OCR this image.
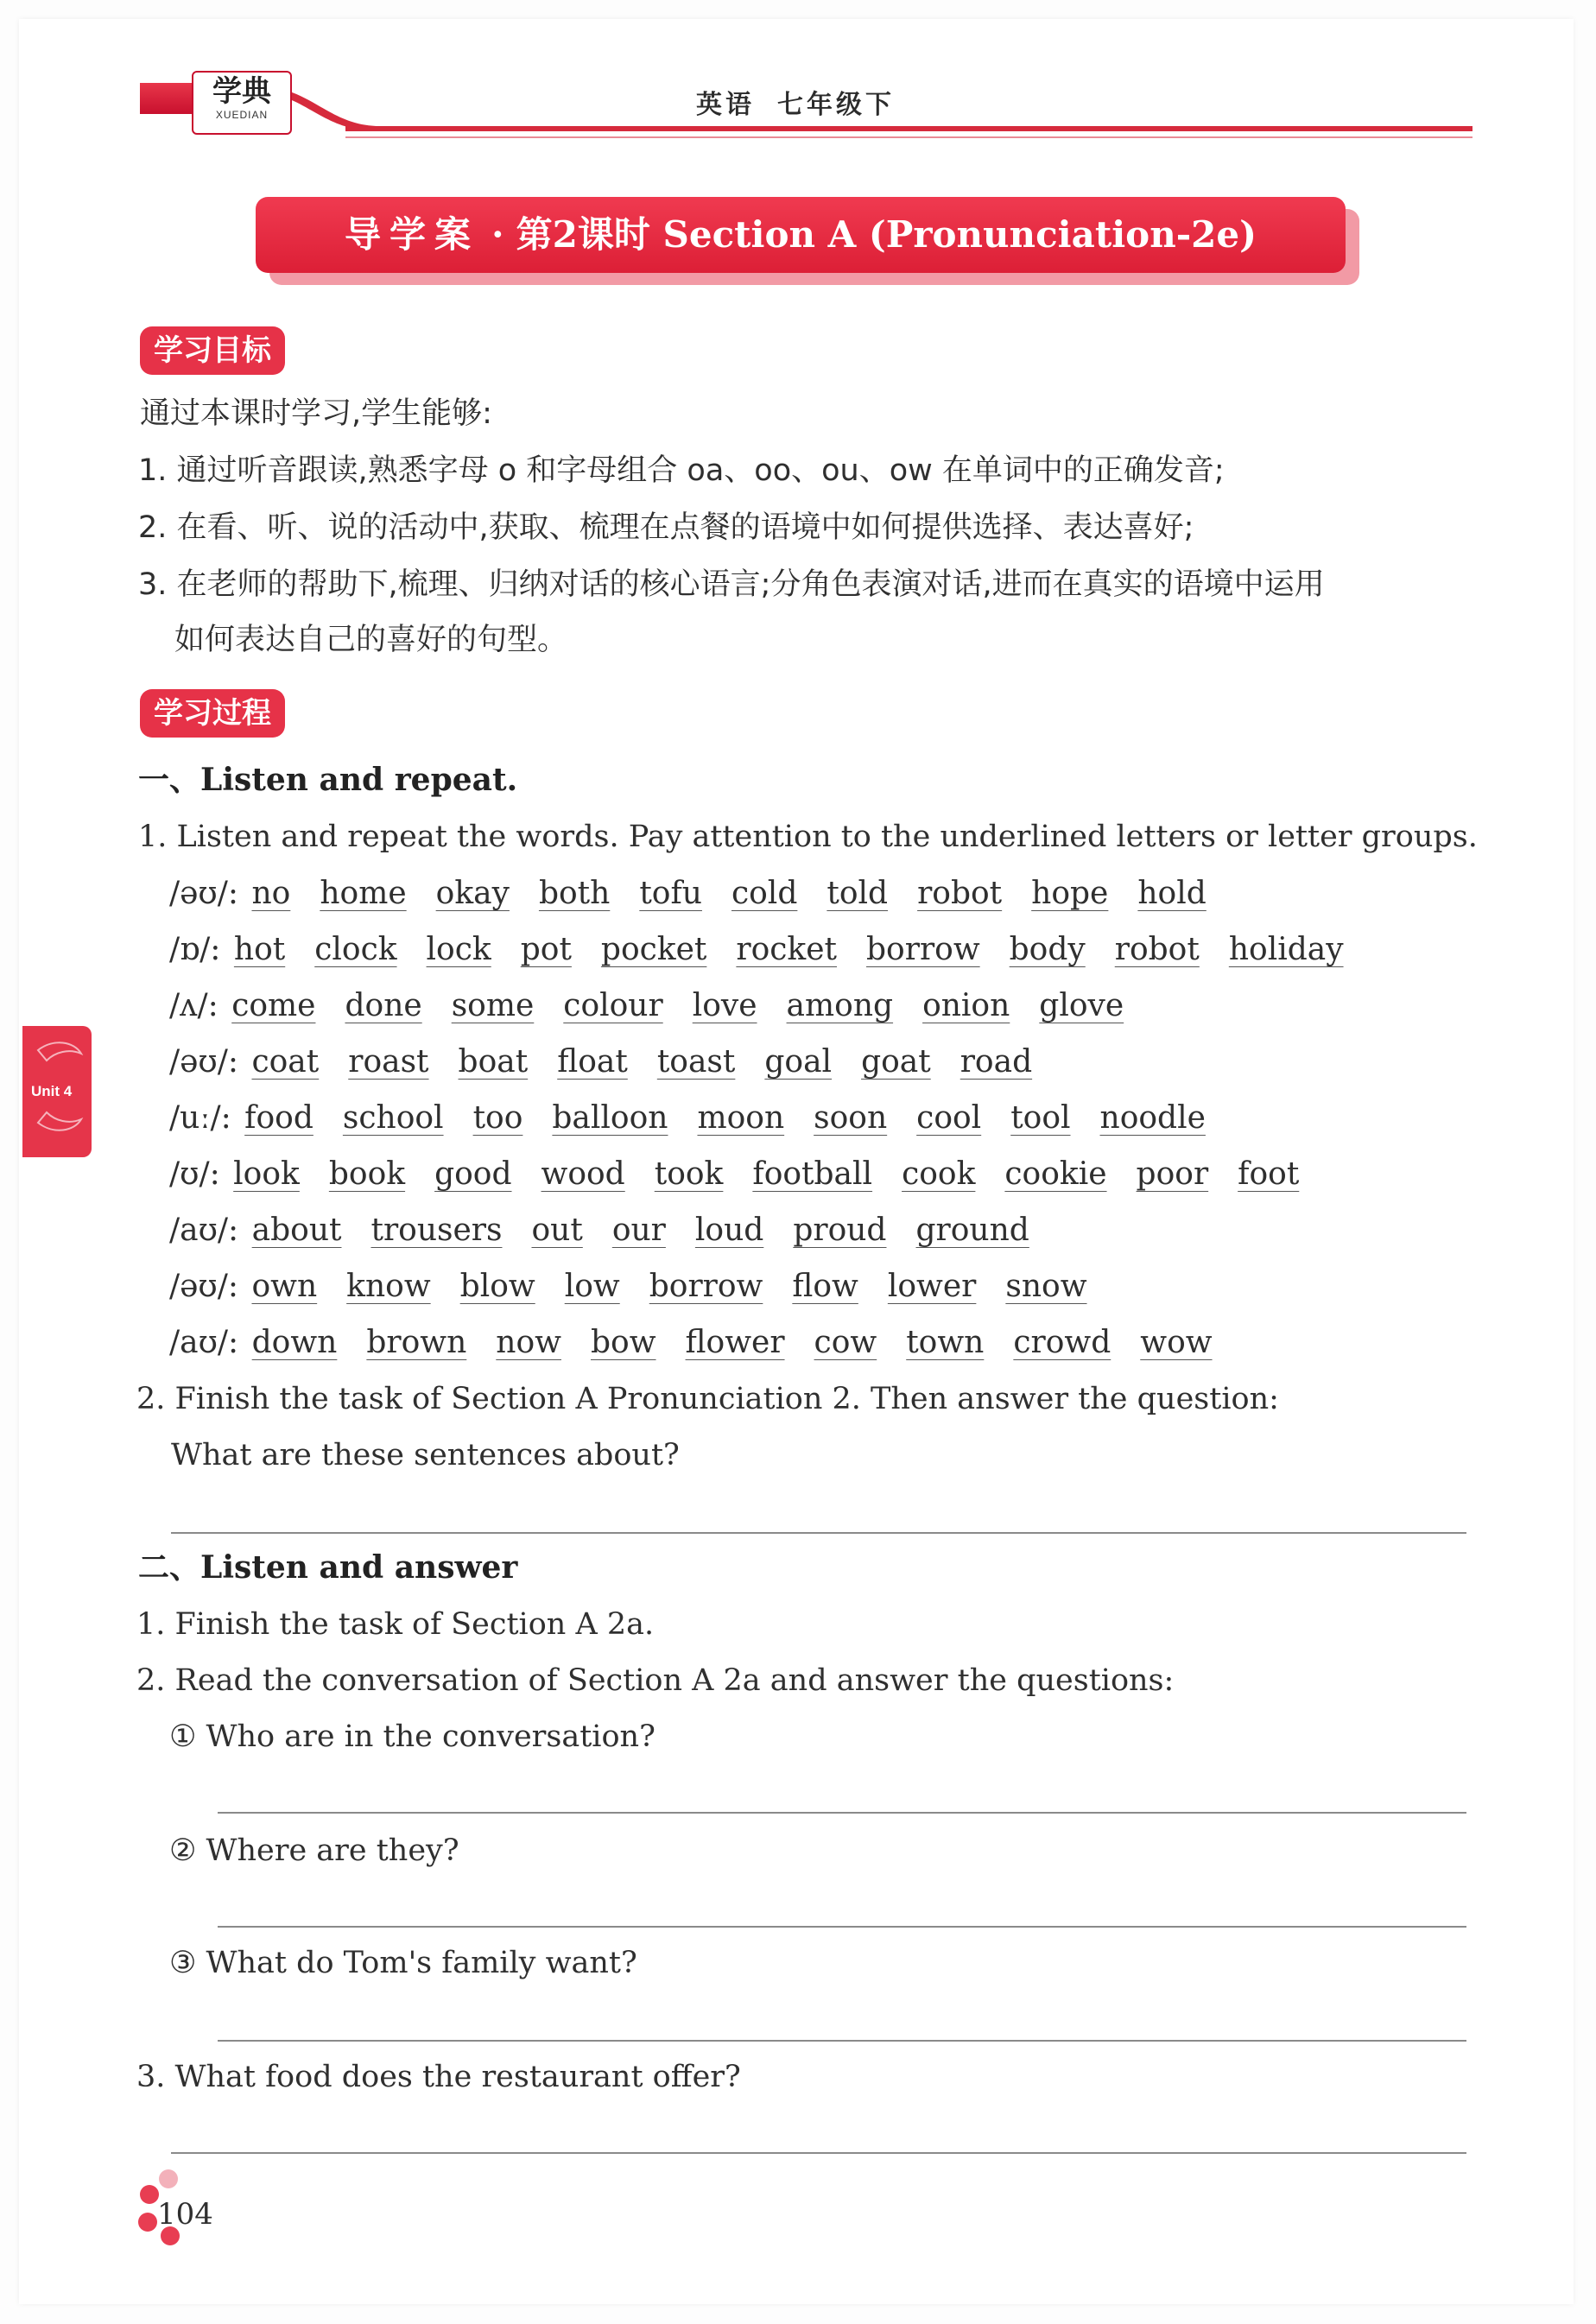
学典
XUEDIAN	英语 七年级下
导学案 · 第2课时 Section A (Pronunciation-2e)
学习目标
通过本课时学习,学生能够:
1. 通过听音跟读,熟悉字母 o 和字母组合 oa、oo、ou、ow 在单词中的正确发音;
2. 在看、听、说的活动中,获取、梳理在点餐的语境中如何提供选择、表达喜好;
3. 在老师的帮助下,梳理、归纳对话的核心语言;分角色表演对话,进而在真实的语境中运用
如何表达自己的喜好的句型。
学习过程
一、Listen and repeat.
1. Listen and repeat the words. Pay attention to the underlined letters or letter groups.
/əʊ/: no home okay both tofu cold told robot hope hold
/ɒ/: hot clock lock pot pocket rocket borrow body robot holiday
/ʌ/: come done some colour love among onion glove
/əʊ/: coat roast boat float toast goal goat road
/uː/: food school too balloon moon soon cool tool noodle
/ʊ/: look book good wood took football cook cookie poor foot
/aʊ/: about trousers out our loud proud ground
/əʊ/: own know blow low borrow flow lower snow
/aʊ/: down brown now bow flower cow town crowd wow
2. Finish the task of Section A Pronunciation 2. Then answer the question:
What are these sentences about?
二、Listen and answer
1. Finish the task of Section A 2a.
2. Read the conversation of Section A 2a and answer the questions:
① Who are in the conversation?
② Where are they?
③ What do Tom's family want?
3. What food does the restaurant offer?
Unit 4
104
